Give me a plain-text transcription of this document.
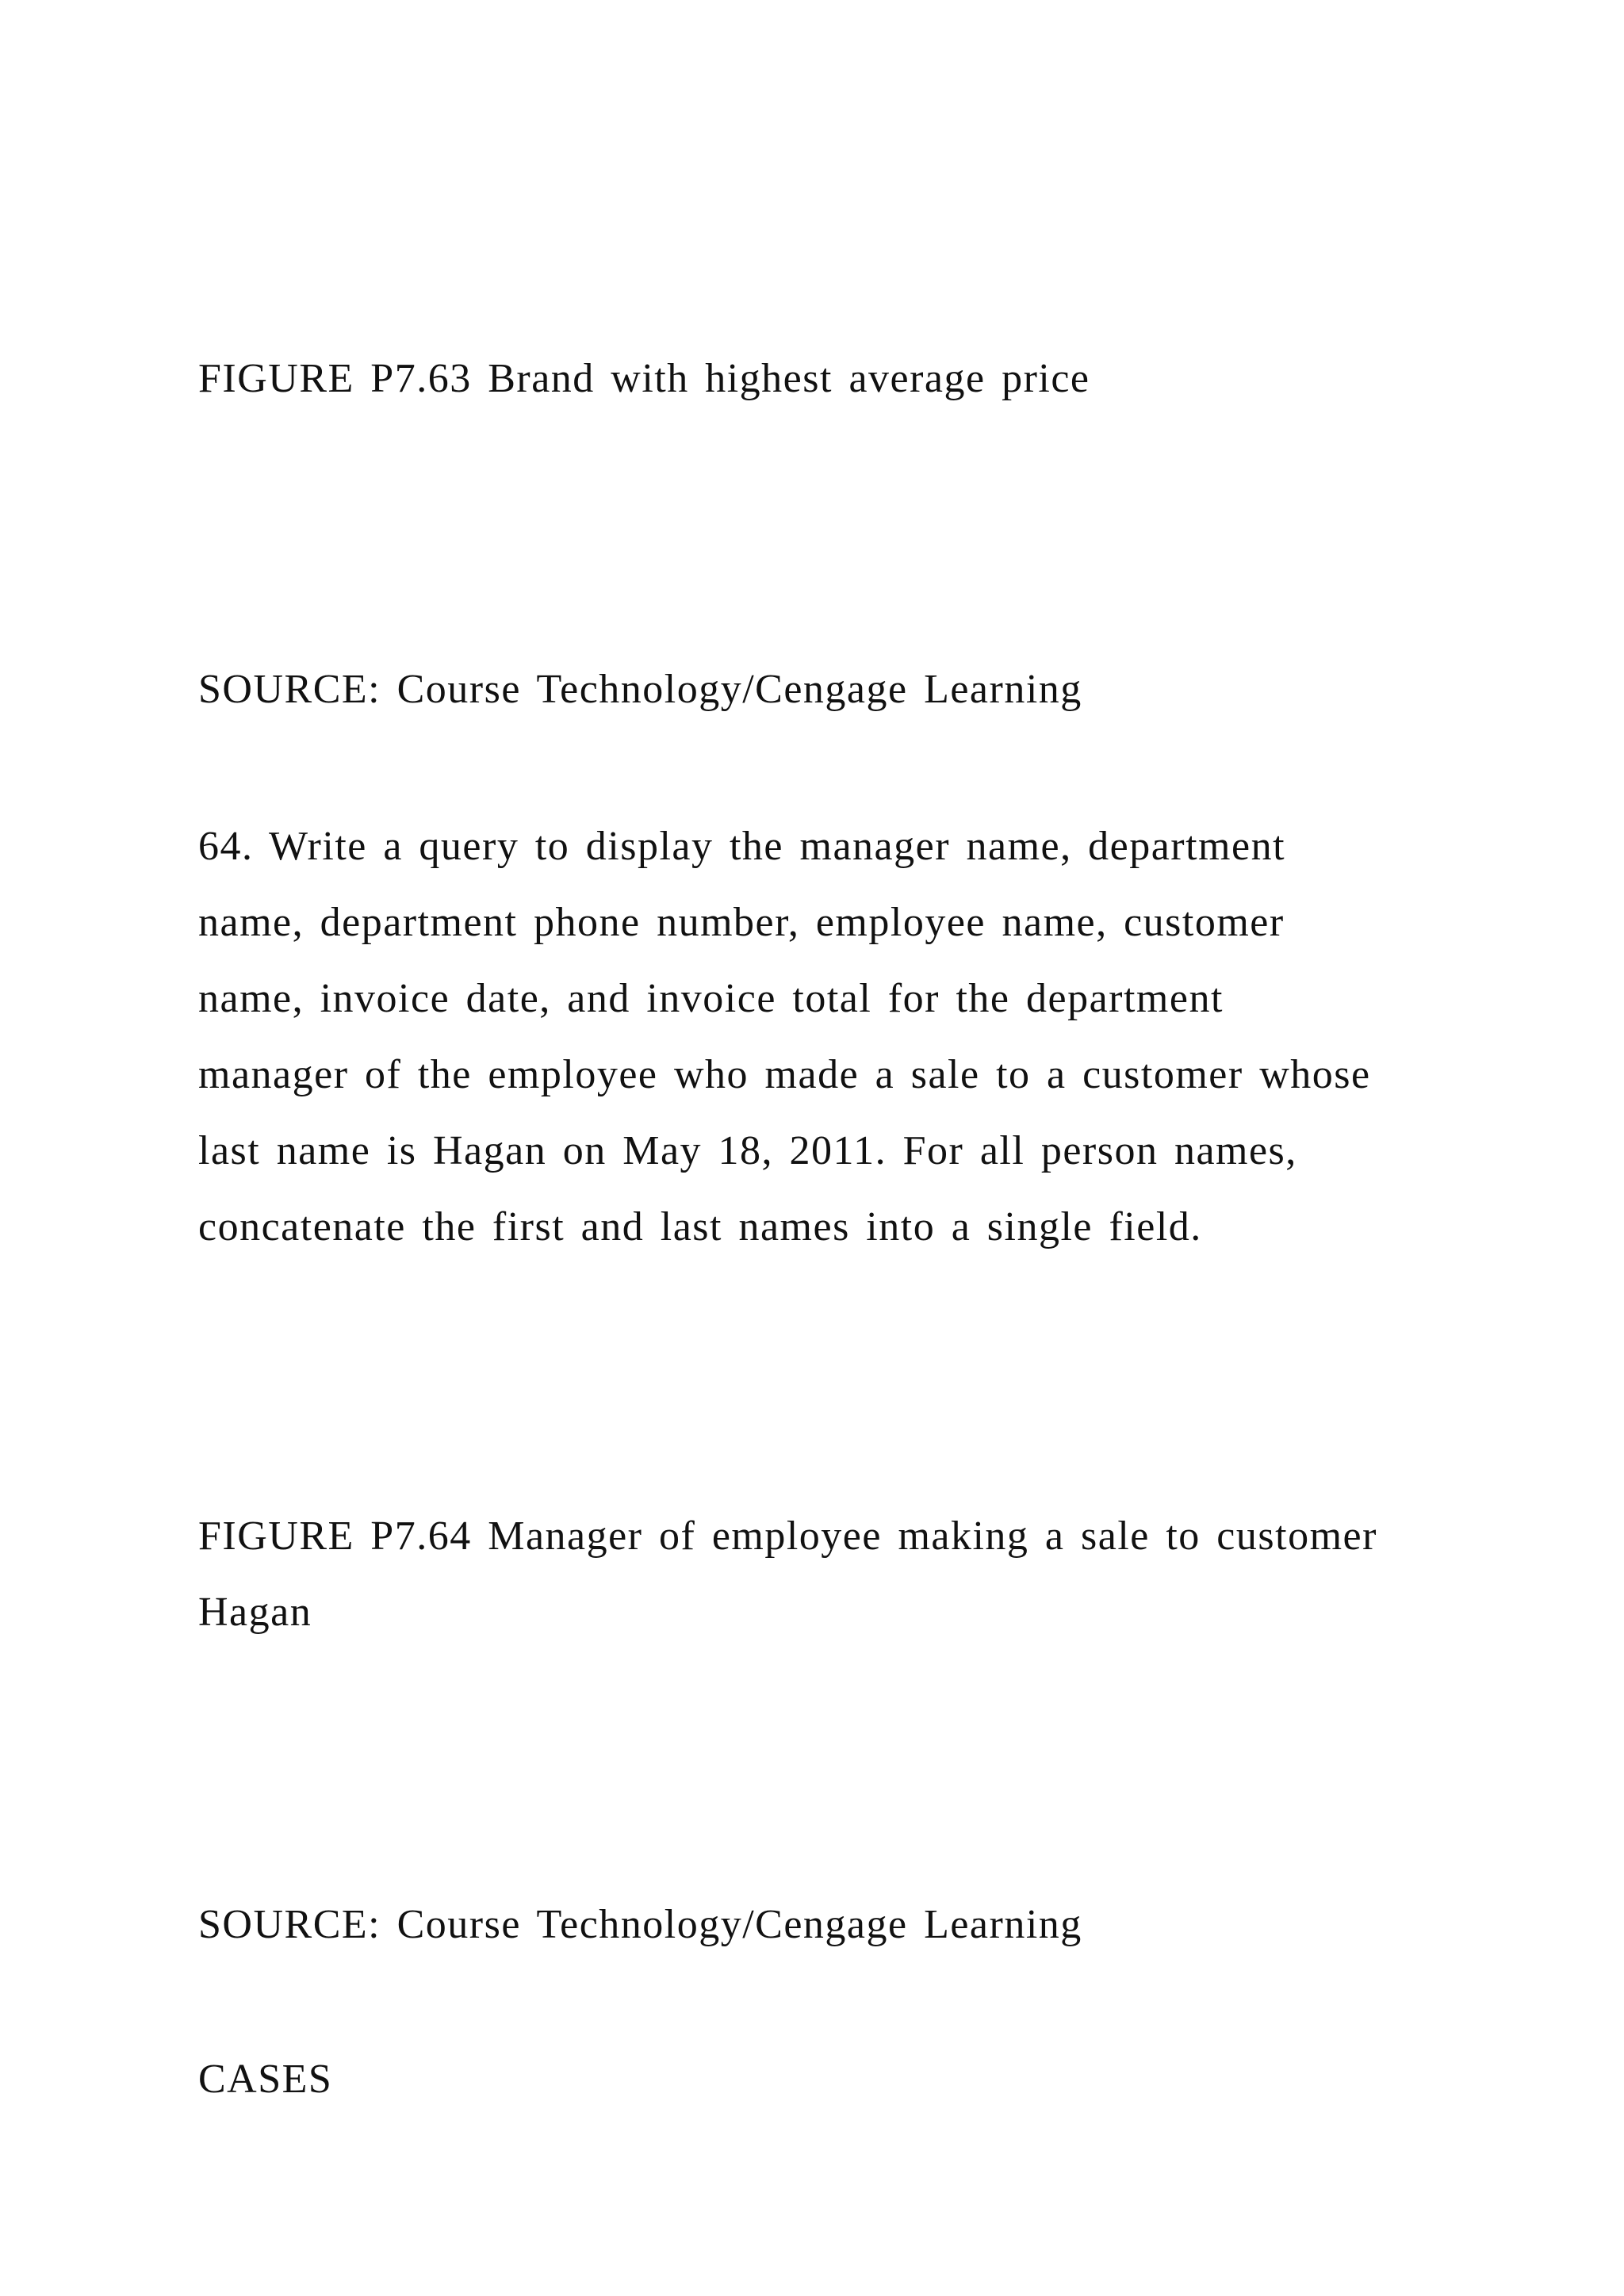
FIGURE P7.63 Brand with highest average price

SOURCE: Course Technology/Cengage Learning

64. Write a query to display the manager name, department
name, department phone number, employee name, customer
name, invoice date, and invoice total for the department
manager of the employee who made a sale to a customer whose
last name is Hagan on May 18, 2011. For all person names,
concatenate the first and last names into a single field.
FIGURE P7.64 Manager of employee making a sale to customer
Hagan

SOURCE: Course Technology/Cengage Learning

CASES
